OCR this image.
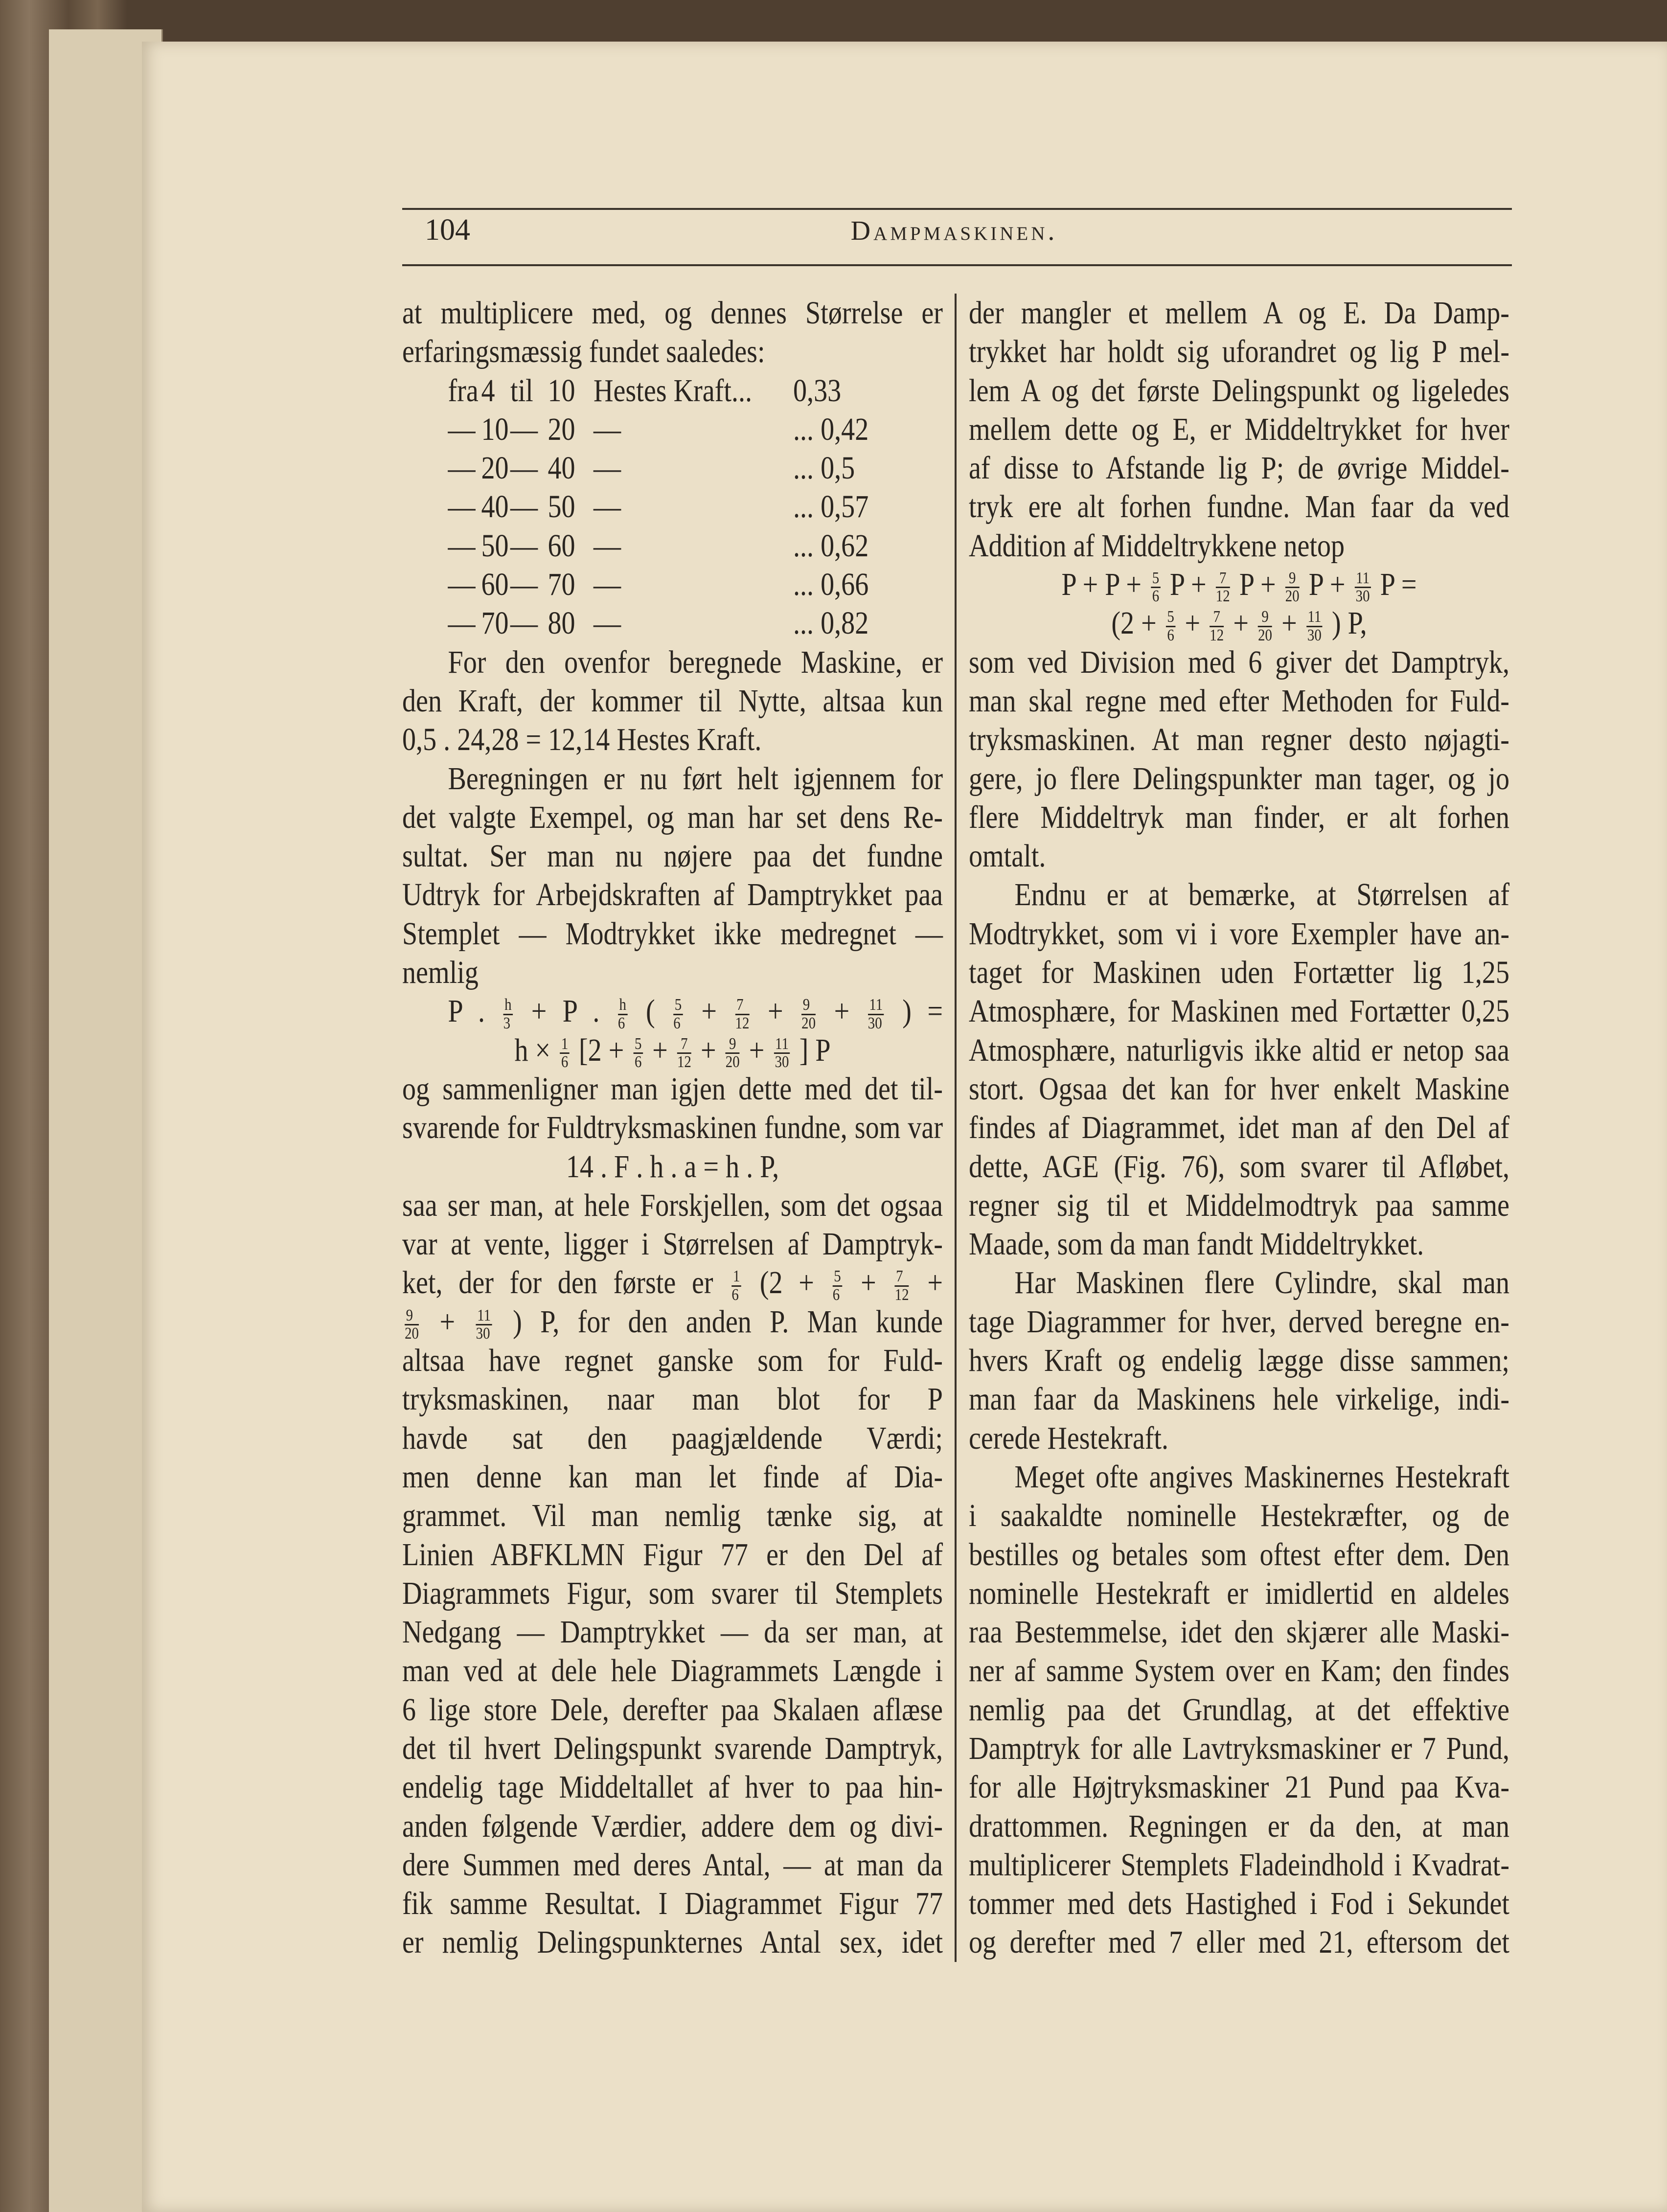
104	Dampmaskinen.
at multiplicere med, og dennes Størrelse er
erfaringsmæssig fundet saaledes:
fra 4 til 10 Hestes Kraft...	0,33
— 10 — 20 —	... 0,42
— 20 — 40 —	... 0,5
— 40 — 50 —	... 0,57
— 50 — 60 —	... 0,62
— 60 — 70 —	... 0,66
— 70 — 80 —	... 0,82
For den ovenfor beregnede Maskine, er
den Kraft, der kommer til Nytte, altsaa kun
0,5 . 24,28 = 12,14 Hestes Kraft.
Beregningen er nu ført helt igjennem for
det valgte Exempel, og man har set dens Re-
sultat. Ser man nu nøjere paa det fundne
Udtryk for Arbejdskraften af Damptrykket paa
Stemplet — Modtrykket ikke medregnet —
nemlig
P . $\frac{h}{3} + P$ . $\frac{h}{6}$ ( $\frac{5}{6} + \frac{7}{12} + \frac{9}{20} + \frac{11}{30}$ ) =
$h \times \frac{1}{6} [2 + \frac{5}{6} + \frac{7}{12} + \frac{9}{20} + \frac{11}{30}$ ] P
og sammenligner man igjen dette med det til-
svarende for Fuldtryksmaskinen fundne, som var
14 . F . h . a = h . P,
saa ser man, at hele Forskjellen, som det ogsaa
var at vente, ligger i Størrelsen af Damptryk-
ket, der for den første er $\frac{1}{6} (2 + \frac{5}{6} + \frac{7}{12}$ +
$\frac{9}{20} + \frac{11}{30}$ ) P, for den anden P. Man kunde
altsaa have regnet ganske som for Fuld-
tryksmaskinen, naar man blot for P
havde sat den paagjældende Værdi;
men denne kan man let finde af Dia-
grammet. Vil man nemlig tænke sig, at
Linien ABFKLMN Figur 77 er den Del af
Diagrammets Figur, som svarer til Stemplets
Nedgang — Damptrykket — da ser man, at
man ved at dele hele Diagrammets Længde i
6 lige store Dele, derefter paa Skalaen aflæse
det til hvert Delingspunkt svarende Damptryk,
endelig tage Middeltallet af hver to paa hin-
anden følgende Værdier, addere dem og divi-
dere Summen med deres Antal, — at man da
fik samme Resultat. I Diagrammet Figur 77
er nemlig Delingspunkternes Antal sex, idet
der mangler et mellem A og E. Da Damp-
trykket har holdt sig uforandret og lig P mel-
lem A og det første Delingspunkt og ligeledes
mellem dette og E, er Middeltrykket for hver
af disse to Afstande lig P; de øvrige Middel-
tryk ere alt forhen fundne. Man faar da ved
Addition af Middeltrykkene netop
$P + P + \frac{5}{6}$ $P + \frac{7}{12}$ $P + \frac{9}{20}$ $P + \frac{11}{30}$ P =
($2 + \frac{5}{6} + \frac{7}{12} + \frac{9}{20} + \frac{11}{30}$ ) P,
som ved Division med 6 giver det Damptryk,
man skal regne med efter Methoden for Fuld-
tryksmaskinen. At man regner desto nøjagti-
gere, jo flere Delingspunkter man tager, og jo
flere Middeltryk man finder, er alt forhen
omtalt.
Endnu er at bemærke, at Størrelsen af
Modtrykket, som vi i vore Exempler have an-
taget for Maskinen uden Fortætter lig 1,25
Atmosphære, for Maskinen med Fortætter 0,25
Atmosphære, naturligvis ikke altid er netop saa
stort. Ogsaa det kan for hver enkelt Maskine
findes af Diagrammet, idet man af den Del af
dette, AGE (Fig. 76), som svarer til Afløbet,
regner sig til et Middelmodtryk paa samme
Maade, som da man fandt Middeltrykket.
Har Maskinen flere Cylindre, skal man
tage Diagrammer for hver, derved beregne en-
hvers Kraft og endelig lægge disse sammen;
man faar da Maskinens hele virkelige, indi-
cerede Hestekraft.
Meget ofte angives Maskinernes Hestekraft
i saakaldte nominelle Hestekræfter, og de
bestilles og betales som oftest efter dem. Den
nominelle Hestekraft er imidlertid en aldeles
raa Bestemmelse, idet den skjærer alle Maski-
ner af samme System over en Kam; den findes
nemlig paa det Grundlag, at det effektive
Damptryk for alle Lavtryksmaskiner er 7 Pund,
for alle Højtryksmaskiner 21 Pund paa Kva-
drattommen. Regningen er da den, at man
multiplicerer Stemplets Fladeindhold i Kvadrat-
tommer med dets Hastighed i Fod i Sekundet
og derefter med 7 eller med 21, eftersom det
